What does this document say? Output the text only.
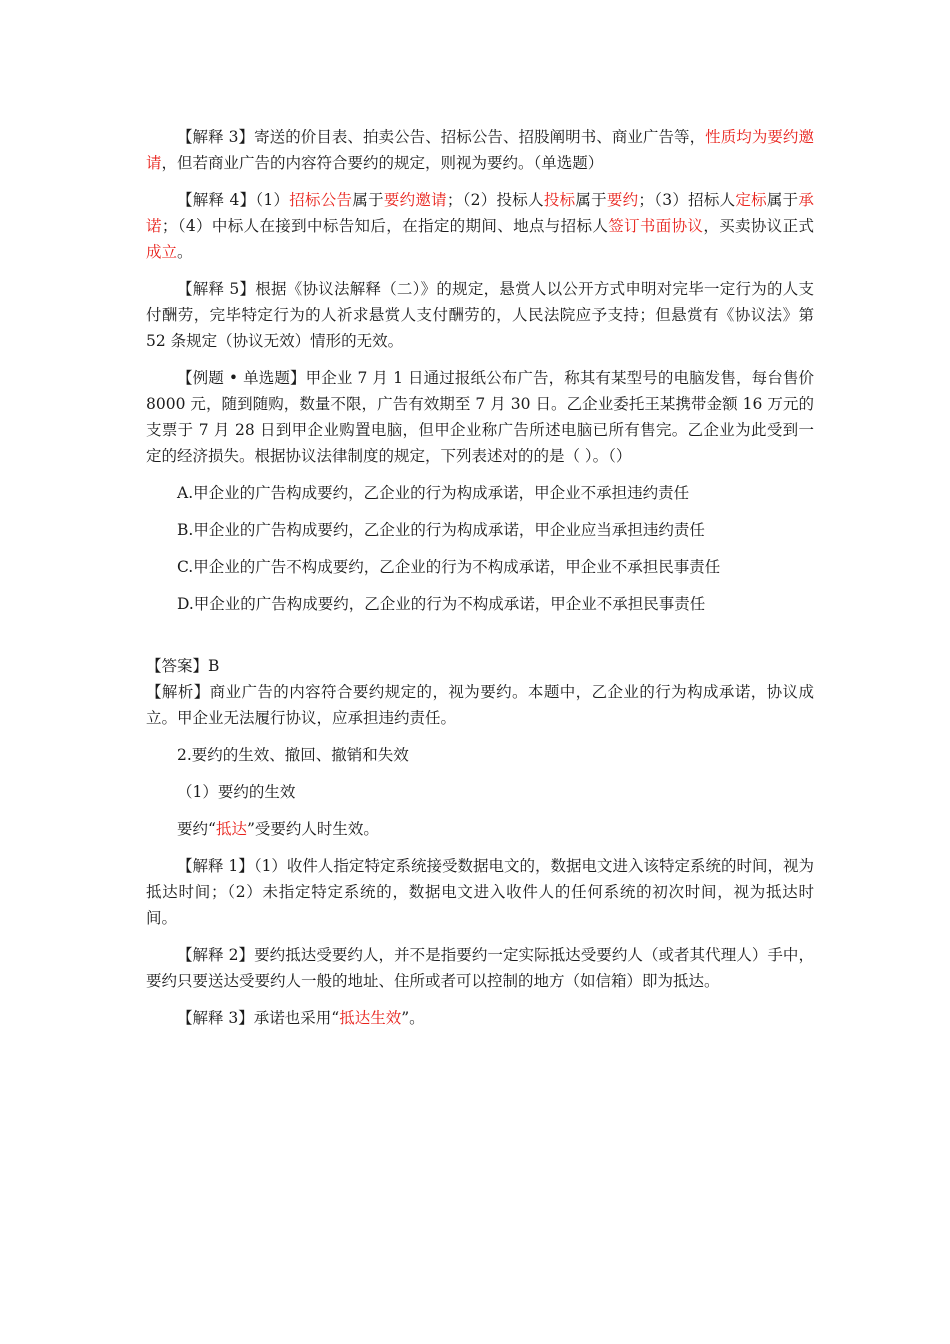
【解释 3】寄送的价目表、拍卖公告、招标公告、招股阐明书、商业广告等，性质均为要约邀请，但若商业广告的内容符合要约的规定，则视为要约。（单选题）

【解释 4】（1）招标公告属于要约邀请；（2）投标人投标属于要约；（3）招标人定标属于承诺；（4）中标人在接到中标告知后，在指定的期间、地点与招标人签订书面协议，买卖协议正式成立。

【解释 5】根据《协议法解释（二）》的规定，悬赏人以公开方式申明对完毕一定行为的人支付酬劳，完毕特定行为的人祈求悬赏人支付酬劳的，人民法院应予支持；但悬赏有《协议法》第 52 条规定（协议无效）情形的无效。

【例题 • 单选题】甲企业 7 月 1 日通过报纸公布广告，称其有某型号的电脑发售，每台售价 8000 元，随到随购，数量不限，广告有效期至 7 月 30 日。乙企业委托王某携带金额 16 万元的支票于 7 月 28 日到甲企业购置电脑，但甲企业称广告所述电脑已所有售完。乙企业为此受到一定的经济损失。根据协议法律制度的规定，下列表述对的的是（ ）。（）

A.甲企业的广告构成要约，乙企业的行为构成承诺，甲企业不承担违约责任

B.甲企业的广告构成要约，乙企业的行为构成承诺，甲企业应当承担违约责任

C.甲企业的广告不构成要约，乙企业的行为不构成承诺，甲企业不承担民事责任

D.甲企业的广告构成要约，乙企业的行为不构成承诺，甲企业不承担民事责任

【答案】B

【解析】商业广告的内容符合要约规定的，视为要约。本题中，乙企业的行为构成承诺，协议成立。甲企业无法履行协议，应承担违约责任。

2.要约的生效、撤回、撤销和失效

（1）要约的生效

要约“抵达”受要约人时生效。

【解释 1】（1）收件人指定特定系统接受数据电文的，数据电文进入该特定系统的时间，视为抵达时间；（2）未指定特定系统的，数据电文进入收件人的任何系统的初次时间，视为抵达时间。

【解释 2】要约抵达受要约人，并不是指要约一定实际抵达受要约人（或者其代理人）手中，要约只要送达受要约人一般的地址、住所或者可以控制的地方（如信箱）即为抵达。

【解释 3】承诺也采用“抵达生效”。
